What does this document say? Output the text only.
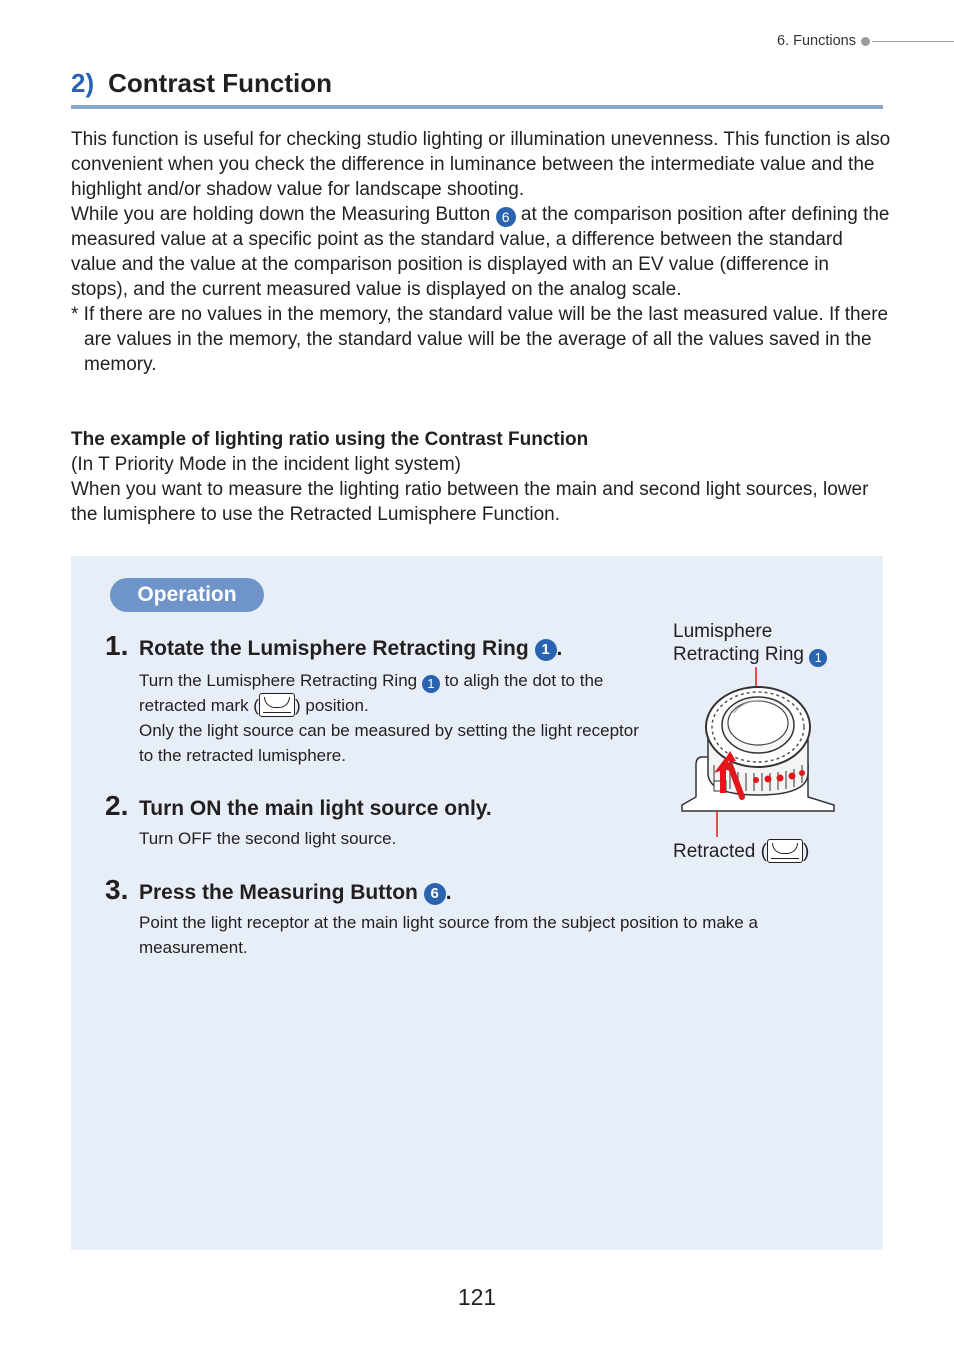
6. Functions
2) Contrast Function

This function is useful for checking studio lighting or illumination unevenness. This function is also convenient when you check the difference in luminance between the intermediate value and the highlight and/or shadow value for landscape shooting.

While you are holding down the Measuring Button 6 at the comparison position after defining the measured value at a specific point as the standard value, a difference between the standard value and the value at the comparison position is displayed with an EV value (difference in stops), and the current measured value is displayed on the analog scale.

* If there are no values in the memory, the standard value will be the last measured value. If there are values in the memory, the standard value will be the average of all the values saved in the memory.

The example of lighting ratio using the Contrast Function

(In T Priority Mode in the incident light system)

When you want to measure the lighting ratio between the main and second light sources, lower the lumisphere to use the Retracted Lumisphere Function.

Operation
1. Rotate the Lumisphere Retracting Ring 1 .
Turn the Lumisphere Retracting Ring 1 to aligh the dot to the retracted mark ( ) position.
Only the light source can be measured by setting the light receptor to the retracted lumisphere.
2. Turn ON the main light source only.
Turn OFF the second light source.
3. Press the Measuring Button 6 .
Point the light receptor at the main light source from the subject position to make a measurement.
Lumisphere
Retracting Ring 1
Retracted ( )
121
